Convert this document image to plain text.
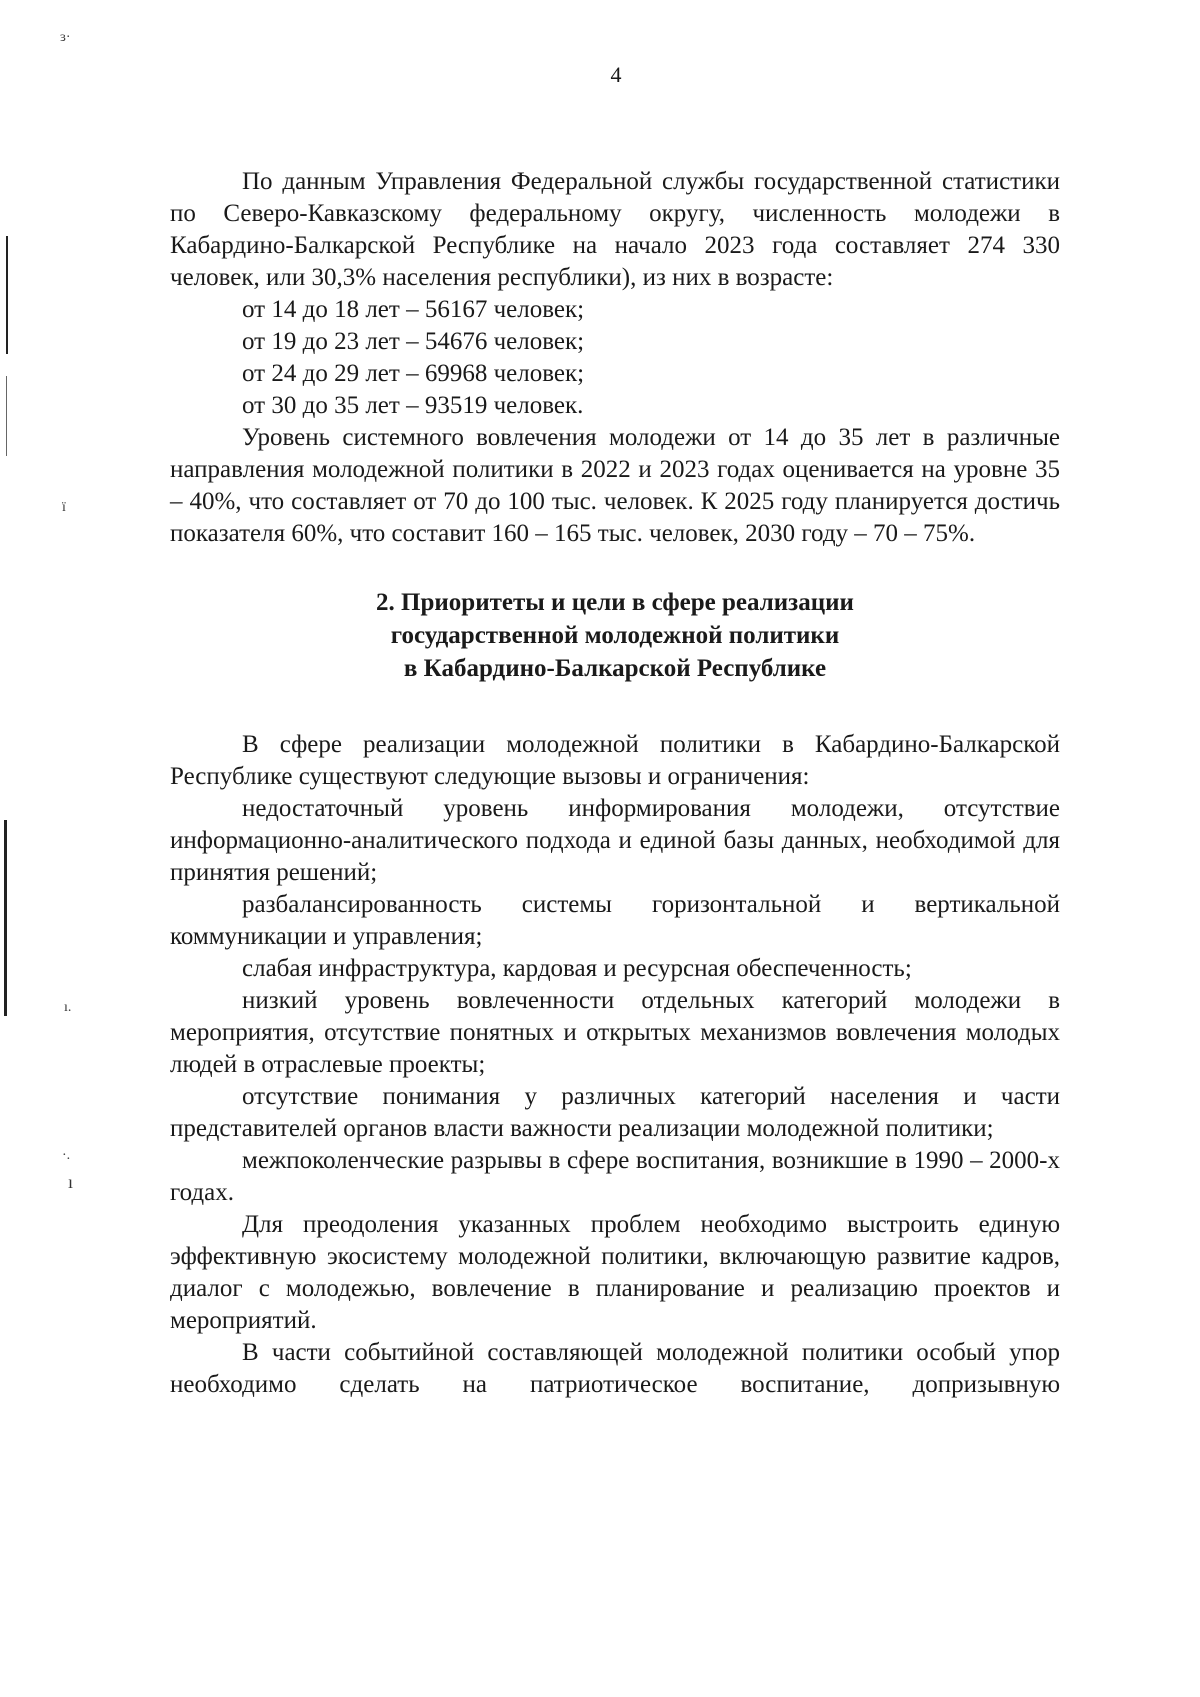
4
ɜ·
ï
ı.
·.
ı

По данным Управления Федеральной службы государственной статистики по Северо-Кавказскому федеральному округу, численность молодежи в Кабардино-Балкарской Республике на начало 2023 года составляет 274 330 человек, или 30,3% населения республики), из них в возрасте:

от 14 до 18 лет – 56167 человек;

от 19 до 23 лет – 54676 человек;

от 24 до 29 лет – 69968 человек;

от 30 до 35 лет – 93519 человек.

Уровень системного вовлечения молодежи от 14 до 35 лет в различные направления молодежной политики в 2022 и 2023 годах оценивается на уровне 35 – 40%, что составляет от 70 до 100 тыс. человек. К 2025 году планируется достичь показателя 60%, что составит 160 – 165 тыс. человек, 2030 году – 70 – 75%.

2. Приоритеты и цели в сфере реализации
государственной молодежной политики
в Кабардино-Балкарской Республике

В сфере реализации молодежной политики в Кабардино-Балкарской Республике существуют следующие вызовы и ограничения:

недостаточный уровень информирования молодежи, отсутствие информационно-аналитического подхода и единой базы данных, необходимой для принятия решений;

разбалансированность системы горизонтальной и вертикальной коммуникации и управления;

слабая инфраструктура, кардовая и ресурсная обеспеченность;

низкий уровень вовлеченности отдельных категорий молодежи в мероприятия, отсутствие понятных и открытых механизмов вовлечения молодых людей в отраслевые проекты;

отсутствие понимания у различных категорий населения и части представителей органов власти важности реализации молодежной политики;

межпоколенческие разрывы в сфере воспитания, возникшие в 1990 – 2000-х годах.

Для преодоления указанных проблем необходимо выстроить единую эффективную экосистему молодежной политики, включающую развитие кадров, диалог с молодежью, вовлечение в планирование и реализацию проектов и мероприятий.

В части событийной составляющей молодежной политики особый упор необходимо сделать на патриотическое воспитание, допризывную
